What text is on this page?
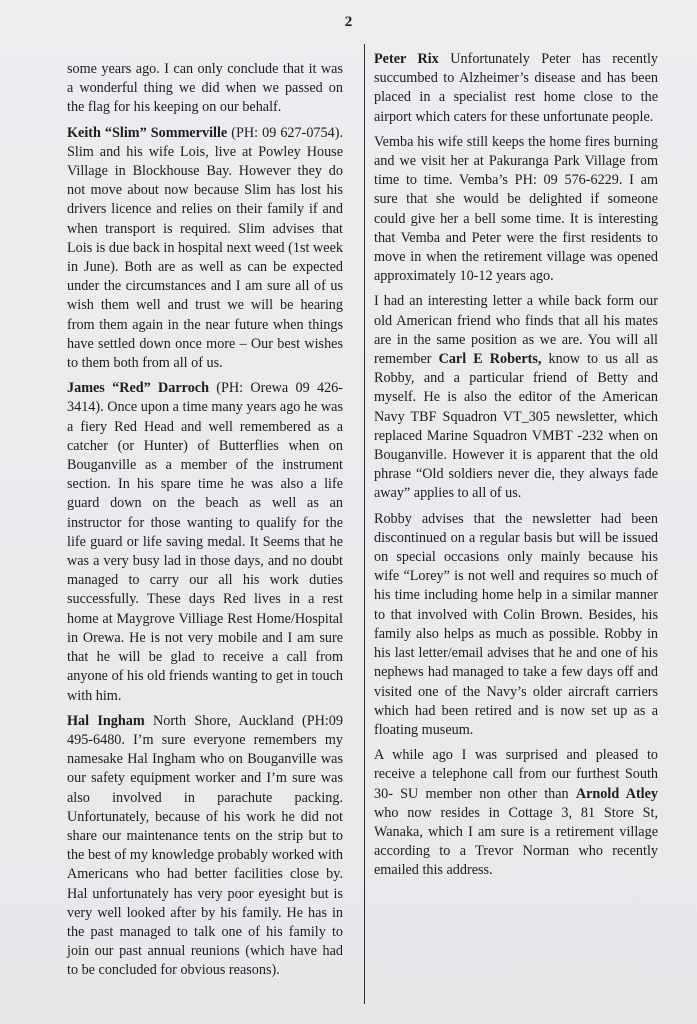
2

some years ago. I can only conclude that it was a wonderful thing we did when we passed on the flag for his keeping on our behalf.

Keith “Slim” Sommerville (PH: 09 627-0754). Slim and his wife Lois, live at Powley House Village in Blockhouse Bay. However they do not move about now because Slim has lost his drivers licence and relies on their family if and when transport is required. Slim advises that Lois is due back in hospital next weed (1st week in June). Both are as well as can be expected under the circumstances and I am sure all of us wish them well and trust we will be hearing from them again in the near future when things have settled down once more – Our best wishes to them both from all of us.

James “Red” Darroch (PH: Orewa 09 426-3414). Once upon a time many years ago he was a fiery Red Head and well remembered as a catcher (or Hunter) of Butterflies when on Bouganville as a member of the instrument section. In his spare time he was also a life guard down on the beach as well as an instructor for those wanting to qualify for the life guard or life saving medal. It Seems that he was a very busy lad in those days, and no doubt managed to carry our all his work duties successfully. These days Red lives in a rest home at Maygrove Villiage Rest Home/Hospital in Orewa. He is not very mobile and I am sure that he will be glad to receive a call from anyone of his old friends wanting to get in touch with him.

Hal Ingham North Shore, Auckland (PH:09 495-6480. I’m sure everyone remembers my namesake Hal Ingham who on Bouganville was our safety equipment worker and I’m sure was also involved in parachute packing. Unfortunately, because of his work he did not share our maintenance tents on the strip but to the best of my knowledge probably worked with Americans who had better facilities close by. Hal unfortunately has very poor eyesight but is very well looked after by his family. He has in the past managed to talk one of his family to join our past annual reunions (which have had to be concluded for obvious reasons).

Peter Rix Unfortunately Peter has recently succumbed to Alzheimer’s disease and has been placed in a specialist rest home close to the airport which caters for these unfortunate people.

Vemba his wife still keeps the home fires burning and we visit her at Pakuranga Park Village from time to time. Vemba’s PH: 09 576-6229. I am sure that she would be delighted if someone could give her a bell some time. It is interesting that Vemba and Peter were the first residents to move in when the retirement village was opened approximately 10-12 years ago.

I had an interesting letter a while back form our old American friend who finds that all his mates are in the same position as we are. You will all remember Carl E Roberts, know to us all as Robby, and a particular friend of Betty and myself. He is also the editor of the American Navy TBF Squadron VT_305 newsletter, which replaced Marine Squadron VMBT -232 when on Bouganville. However it is apparent that the old phrase “Old soldiers never die, they always fade away” applies to all of us.

Robby advises that the newsletter had been discontinued on a regular basis but will be issued on special occasions only mainly because his wife “Lorey” is not well and requires so much of his time including home help in a similar manner to that involved with Colin Brown. Besides, his family also helps as much as possible. Robby in his last letter/email advises that he and one of his nephews had managed to take a few days off and visited one of the Navy’s older aircraft carriers which had been retired and is now set up as a floating museum.

A while ago I was surprised and pleased to receive a telephone call from our furthest South 30- SU member non other than Arnold Atley who now resides in Cottage 3, 81 Store St, Wanaka, which I am sure is a retirement village according to a Trevor Norman who recently emailed this address.
